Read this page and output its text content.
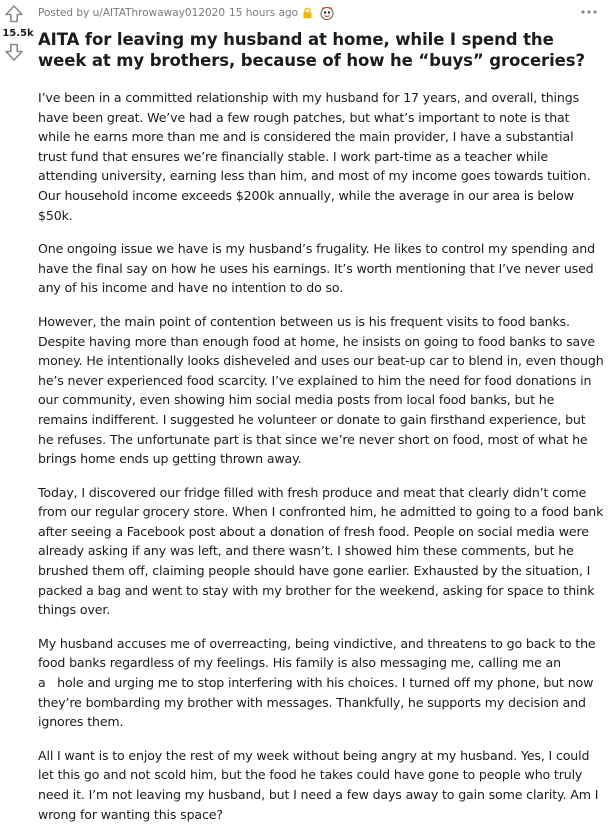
15.5k
Posted by u/AITAThrowaway012020 15 hours ago
AITA for leaving my husband at home, while I spend the week at my brothers, because of how he “buys” groceries?

I’ve been in a committed relationship with my husband for 17 years, and overall, things have been great. We’ve had a few rough patches, but what’s important to note is that while he earns more than me and is considered the main provider, I have a substantial trust fund that ensures we’re financially stable. I work part-time as a teacher while attending university, earning less than him, and most of my income goes towards tuition. Our household income exceeds $200k annually, while the average in our area is below $50k.

One ongoing issue we have is my husband’s frugality. He likes to control my spending and have the final say on how he uses his earnings. It’s worth mentioning that I’ve never used any of his income and have no intention to do so.

However, the main point of contention between us is his frequent visits to food banks. Despite having more than enough food at home, he insists on going to food banks to save money. He intentionally looks disheveled and uses our beat-up car to blend in, even though he’s never experienced food scarcity. I’ve explained to him the need for food donations in our community, even showing him social media posts from local food banks, but he remains indifferent. I suggested he volunteer or donate to gain firsthand experience, but he refuses. The unfortunate part is that since we’re never short on food, most of what he brings home ends up getting thrown away.

Today, I discovered our fridge filled with fresh produce and meat that clearly didn’t come from our regular grocery store. When I confronted him, he admitted to going to a food bank after seeing a Facebook post about a donation of fresh food. People on social media were already asking if any was left, and there wasn’t. I showed him these comments, but he brushed them off, claiming people should have gone earlier. Exhausted by the situation, I packed a bag and went to stay with my brother for the weekend, asking for space to think things over.

My husband accuses me of overreacting, being vindictive, and threatens to go back to the food banks regardless of my feelings. His family is also messaging me, calling me an a   hole and urging me to stop interfering with his choices. I turned off my phone, but now they’re bombarding my brother with messages. Thankfully, he supports my decision and ignores them.

All I want is to enjoy the rest of my week without being angry at my husband. Yes, I could let this go and not scold him, but the food he takes could have gone to people who truly need it. I’m not leaving my husband, but I need a few days away to gain some clarity. Am I wrong for wanting this space?
